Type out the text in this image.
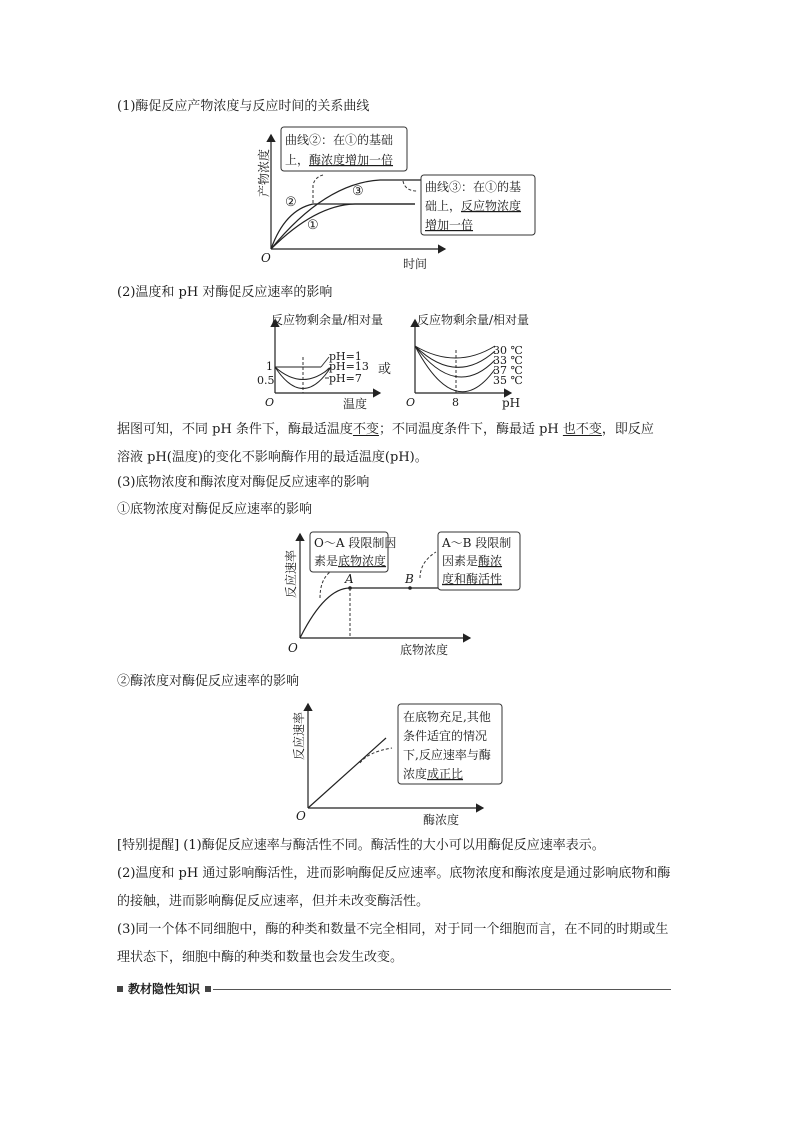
(1)酶促反应产物浓度与反应时间的关系曲线
产物浓度
时间
O
①
②
③
曲线②：在①的基础
上，酶浓度增加一倍
曲线③：在①的基
础上，反应物浓度
增加一倍
(2)温度和 pH 对酶促反应速率的影响
反应物剩余量/相对量
温度
O
1
0.5
pH=1
pH=13
pH=7
或
反应物剩余量/相对量
pH
O	8
30 ℃
33 ℃
37 ℃
35 ℃
据图可知，不同 pH 条件下，酶最适温度不变；不同温度条件下，酶最适 pH 也不变，即反应
溶液 pH(温度)的变化不影响酶作用的最适温度(pH)。
(3)底物浓度和酶浓度对酶促反应速率的影响
①底物浓度对酶促反应速率的影响
反应速率
底物浓度
O
A	B
O～A 段限制因
素是底物浓度
A～B 段限制
因素是酶浓
度和酶活性
②酶浓度对酶促反应速率的影响
反应速率
酶浓度
O
在底物充足,其他
条件适宜的情况
下,反应速率与酶
浓度成正比
[特别提醒] (1)酶促反应速率与酶活性不同。酶活性的大小可以用酶促反应速率表示。
(2)温度和 pH 通过影响酶活性，进而影响酶促反应速率。底物浓度和酶浓度是通过影响底物和酶的接触，进而影响酶促反应速率，但并未改变酶活性。
(3)同一个体不同细胞中，酶的种类和数量不完全相同，对于同一个细胞而言，在不同的时期或生理状态下，细胞中酶的种类和数量也会发生改变。
教材隐性知识
